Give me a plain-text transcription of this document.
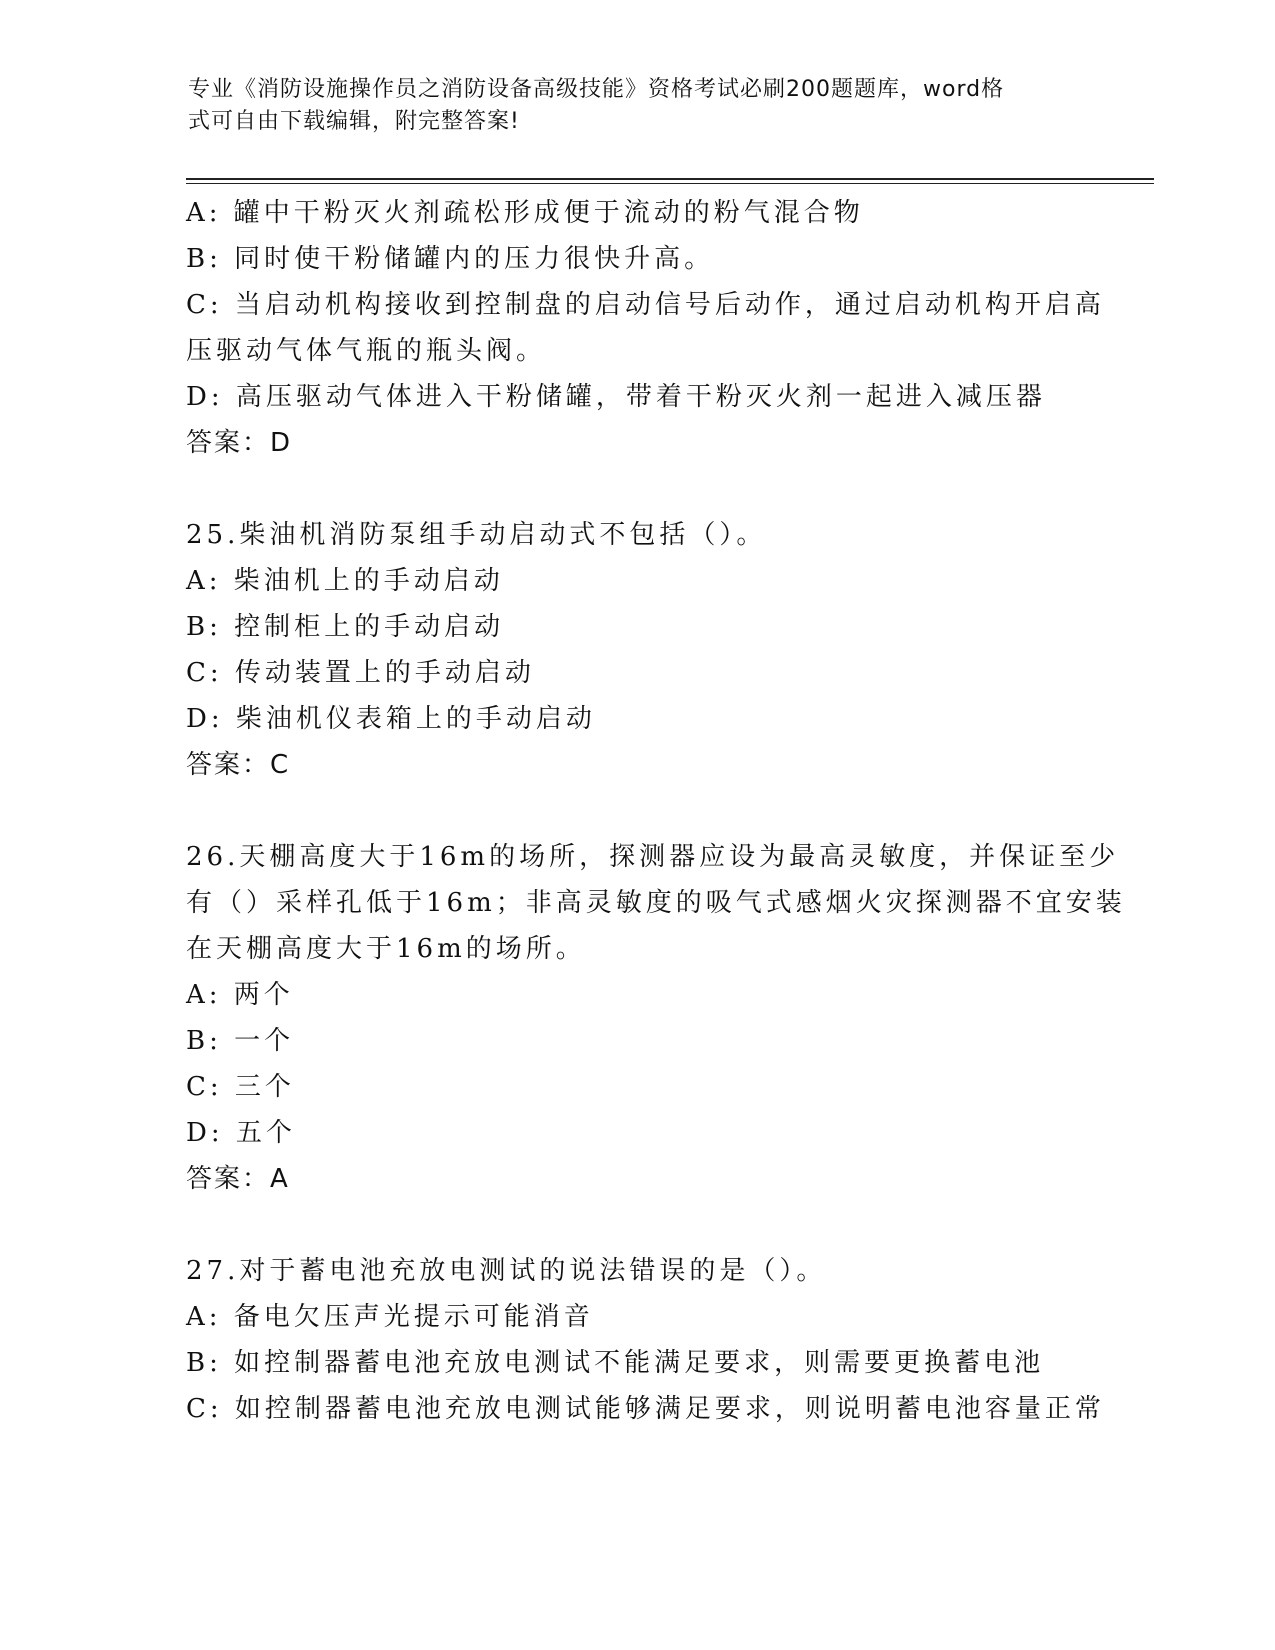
专业《消防设施操作员之消防设备高级技能》资格考试必刷200题题库，word格
式可自由下载编辑，附完整答案!
A: 罐中干粉灭火剂疏松形成便于流动的粉气混合物
B: 同时使干粉储罐内的压力很快升高。
C: 当启动机构接收到控制盘的启动信号后动作，通过启动机构开启高
压驱动气体气瓶的瓶头阀。
D: 高压驱动气体进入干粉储罐，带着干粉灭火剂一起进入减压器
答案：D
25.柴油机消防泵组手动启动式不包括（）。
A: 柴油机上的手动启动
B: 控制柜上的手动启动
C: 传动装置上的手动启动
D: 柴油机仪表箱上的手动启动
答案：C
26.天棚高度大于16m的场所，探测器应设为最高灵敏度，并保证至少
有（）采样孔低于16m；非高灵敏度的吸气式感烟火灾探测器不宜安装
在天棚高度大于16m的场所。
A: 两个
B: 一个
C: 三个
D: 五个
答案：A
27.对于蓄电池充放电测试的说法错误的是（）。
A: 备电欠压声光提示可能消音
B: 如控制器蓄电池充放电测试不能满足要求，则需要更换蓄电池
C: 如控制器蓄电池充放电测试能够满足要求，则说明蓄电池容量正常
